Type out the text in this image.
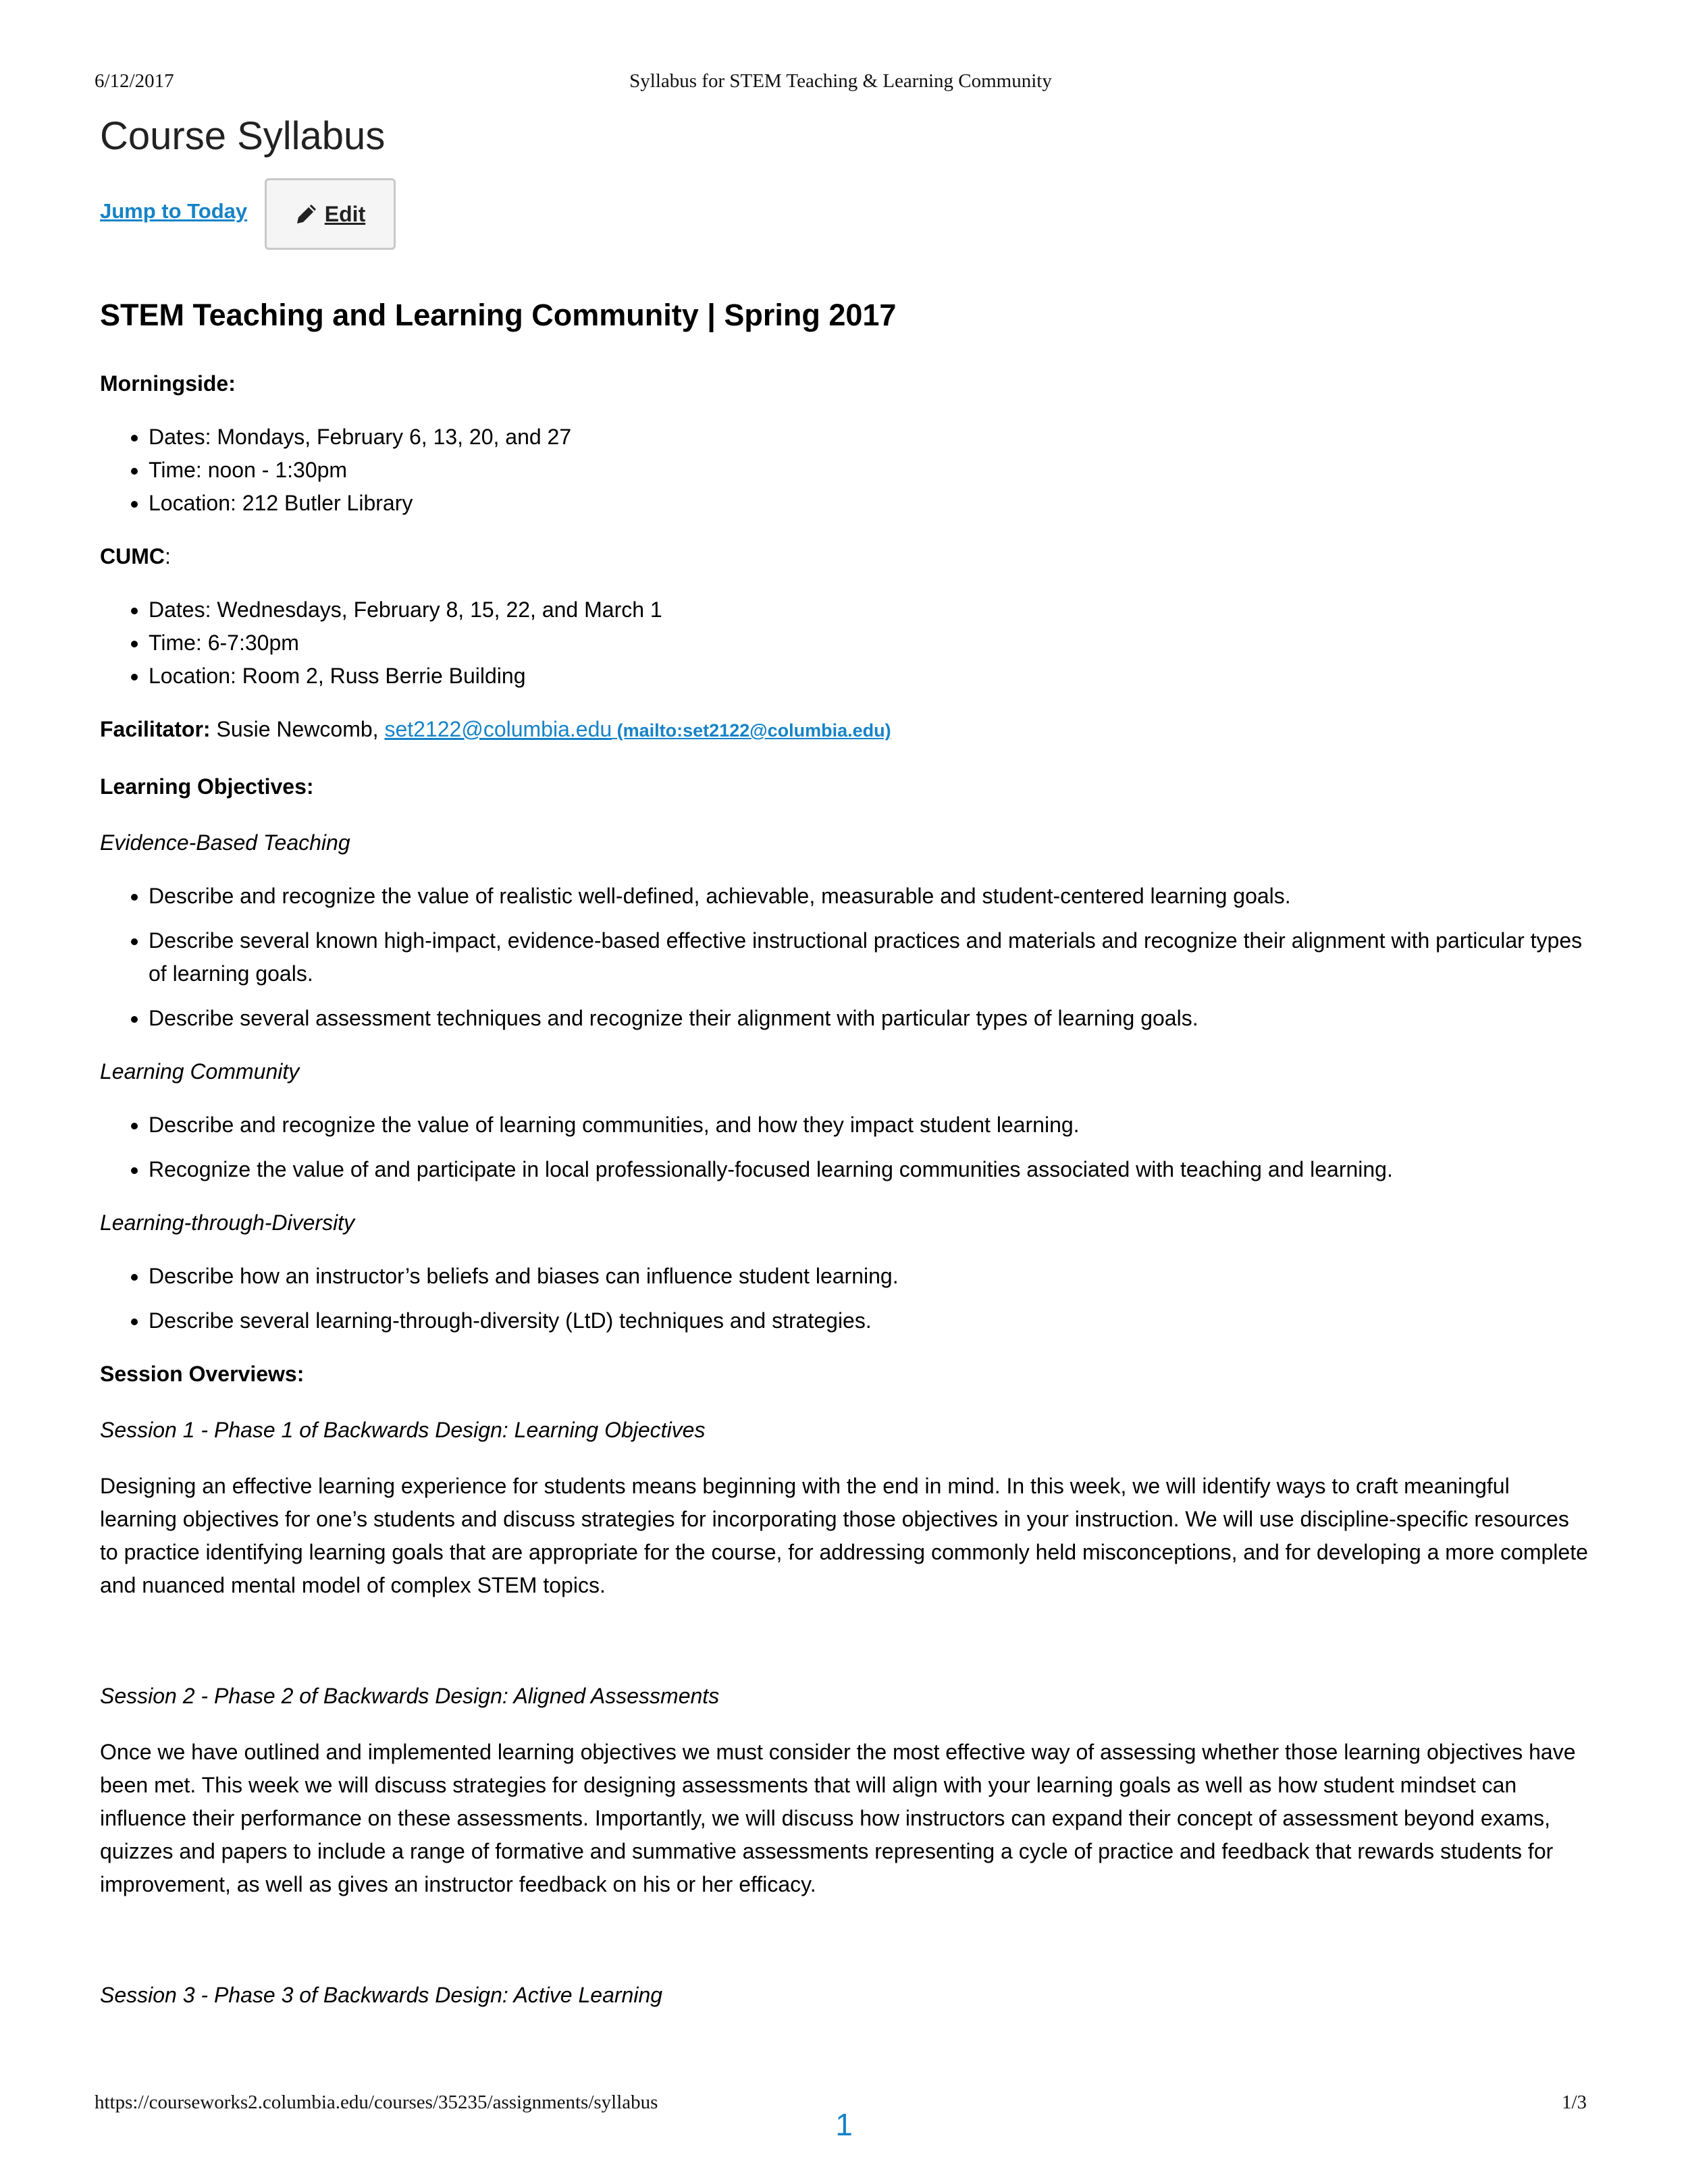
6/12/2017	Syllabus for STEM Teaching & Learning Community
Course Syllabus
Jump to Today	Edit
STEM Teaching and Learning Community | Spring 2017

Morningside:

• Dates: Mondays, February 6, 13, 20, and 27
• Time: noon - 1:30pm
• Location: 212 Butler Library

CUMC:

• Dates: Wednesdays, February 8, 15, 22, and March 1
• Time: 6-7:30pm
• Location: Room 2, Russ Berrie Building

Facilitator: Susie Newcomb, set2122@columbia.edu (mailto:set2122@columbia.edu)

Learning Objectives:

Evidence-Based Teaching

• Describe and recognize the value of realistic well-defined, achievable, measurable and student-centered learning goals.
• Describe several known high-impact, evidence-based effective instructional practices and materials and recognize their alignment with particular types of learning goals.
• Describe several assessment techniques and recognize their alignment with particular types of learning goals.

Learning Community

• Describe and recognize the value of learning communities, and how they impact student learning.
• Recognize the value of and participate in local professionally-focused learning communities associated with teaching and learning.

Learning-through-Diversity

• Describe how an instructor’s beliefs and biases can influence student learning.
• Describe several learning-through-diversity (LtD) techniques and strategies.

Session Overviews:

Session 1 - Phase 1 of Backwards Design: Learning Objectives

Designing an effective learning experience for students means beginning with the end in mind. In this week, we will identify ways to craft meaningful learning objectives for one’s students and discuss strategies for incorporating those objectives in your instruction. We will use discipline-specific resources to practice identifying learning goals that are appropriate for the course, for addressing commonly held misconceptions, and for developing a more complete and nuanced mental model of complex STEM topics.

Session 2 - Phase 2 of Backwards Design: Aligned Assessments

Once we have outlined and implemented learning objectives we must consider the most effective way of assessing whether those learning objectives have been met. This week we will discuss strategies for designing assessments that will align with your learning goals as well as how student mindset can influence their performance on these assessments. Importantly, we will discuss how instructors can expand their concept of assessment beyond exams, quizzes and papers to include a range of formative and summative assessments representing a cycle of practice and feedback that rewards students for improvement, as well as gives an instructor feedback on his or her efficacy.

Session 3 - Phase 3 of Backwards Design: Active Learning

https://courseworks2.columbia.edu/courses/35235/assignments/syllabus	1/3
1
